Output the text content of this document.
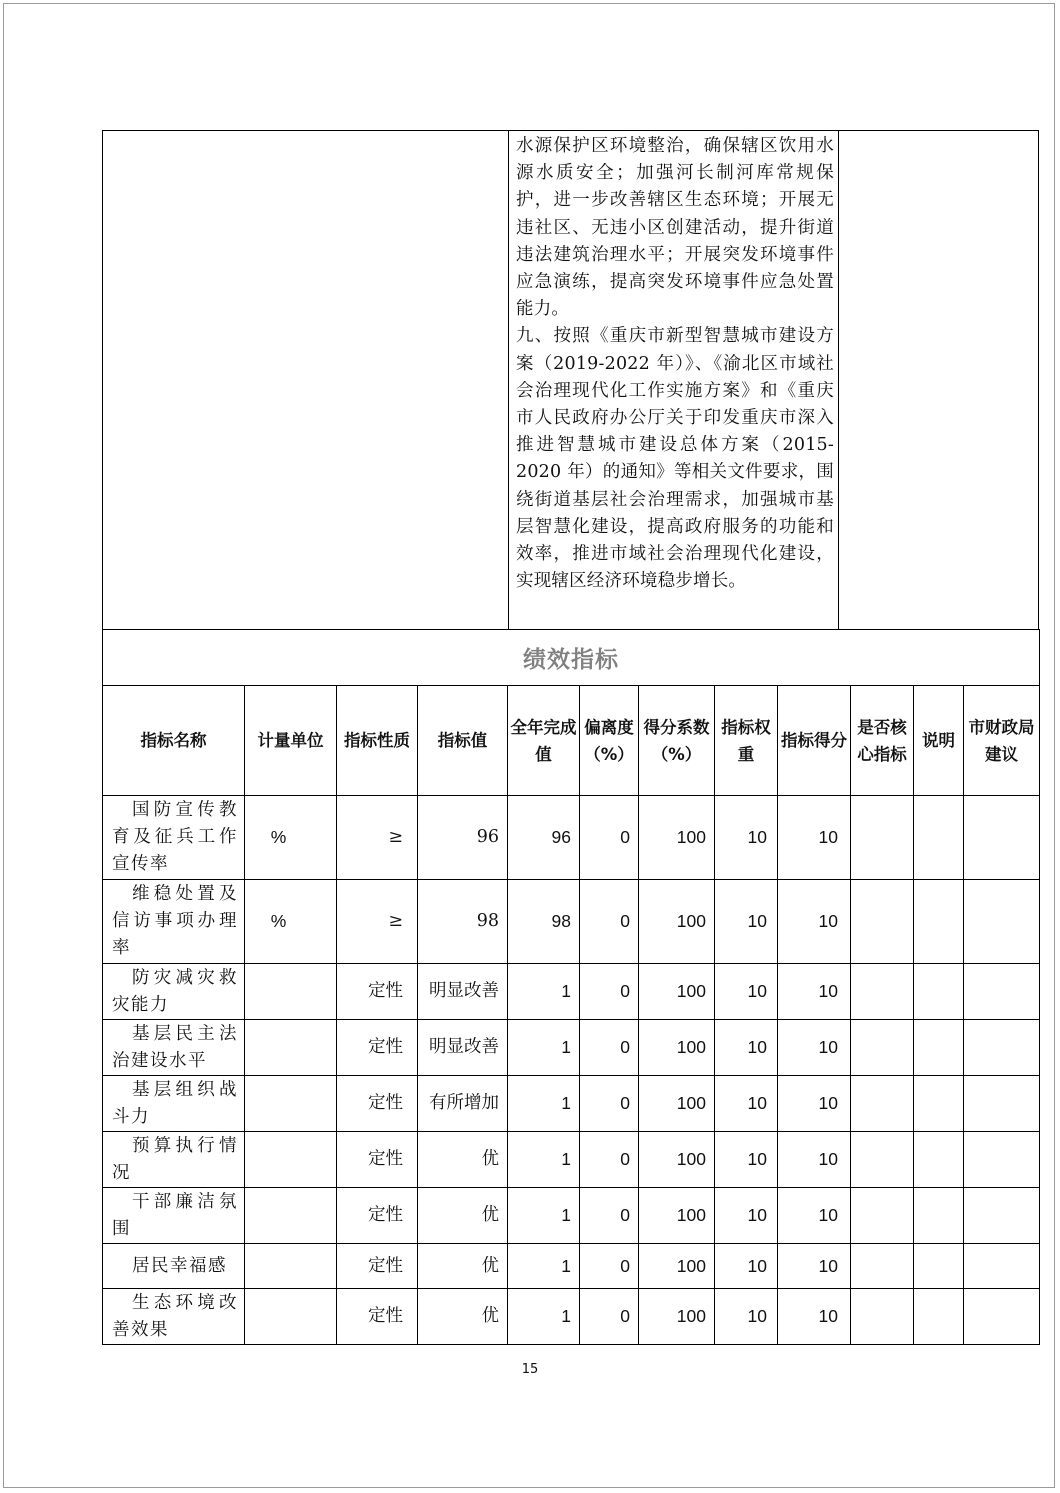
水源保护区环境整治，确保辖区饮用水源水质安全；加强河长制河库常规保护，进一步改善辖区生态环境；开展无违社区、无违小区创建活动，提升街道违法建筑治理水平；开展突发环境事件应急演练，提高突发环境事件应急处置能力。

九、按照《重庆市新型智慧城市建设方案（2019-2022 年）》、《渝北区市域社会治理现代化工作实施方案》和《重庆市人民政府办公厅关于印发重庆市深入推进智慧城市建设总体方案（2015-2020 年）的通知》等相关文件要求，围绕街道基层社会治理需求，加强城市基层智慧化建设，提高政府服务的功能和效率，推进市域社会治理现代化建设，实现辖区经济环境稳步增长。

绩效指标											
指标名称	计量单位	指标性质	指标值	全年完成值	偏离度（%）	得分系数（%）	指标权重	指标得分	是否核心指标	说明	市财政局建议
国防宣传教育及征兵工作宣传率	%	≥	96	96	0	100	10	10			
维稳处置及信访事项办理率	%	≥	98	98	0	100	10	10			
防灾减灾救灾能力		定性	明显改善	1	0	100	10	10			
基层民主法治建设水平		定性	明显改善	1	0	100	10	10			
基层组织战斗力		定性	有所增加	1	0	100	10	10			
预算执行情况		定性	优	1	0	100	10	10			
干部廉洁氛围		定性	优	1	0	100	10	10			
居民幸福感		定性	优	1	0	100	10	10			
生态环境改善效果		定性	优	1	0	100	10	10			
15
